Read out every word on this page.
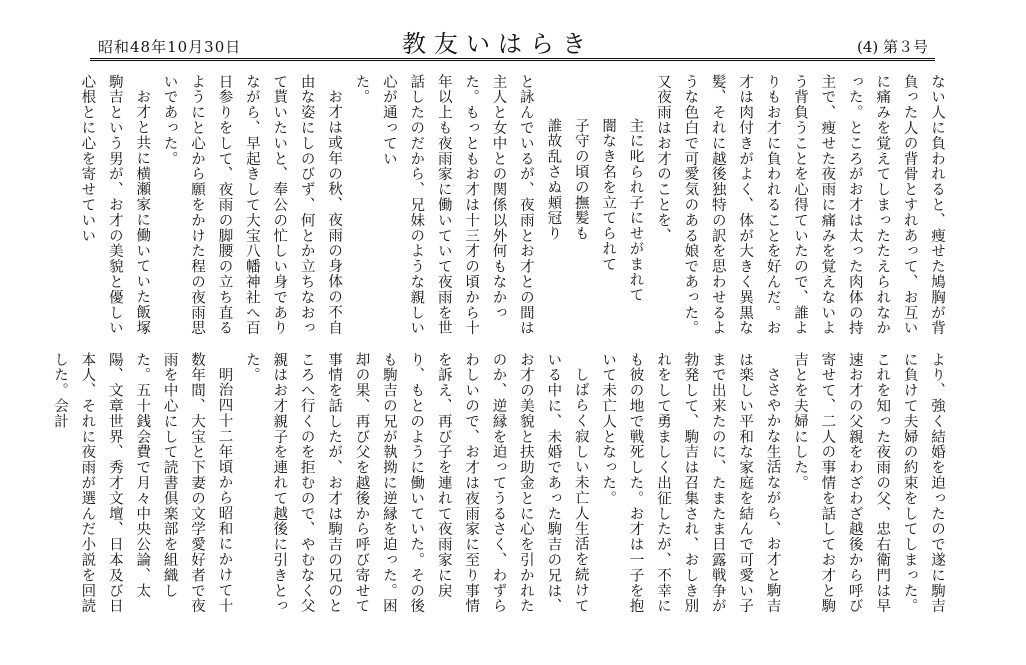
昭和48年10月30日	教友いはらき	(4) 第３号

ない人に負われると、痩せた鳩胸が背負った人の背骨とすれあって、お互いに痛みを覚えてしまったたえられなかった。ところがお才は太った肉体の持主で、痩せた夜雨に痛みを覚えないよう背負うことを心得ていたので、誰よりもお才に負われることを好んだ。お才は肉付きがよく、体が大きく異黒な髪、それに越後独特の訳を思わせるような色白で可愛気のある娘であった。又夜雨はお才のことを、

主に叱られ子にせがまれて
闇なき名を立てられて
子守の頃の撫髪も
誰故乱さぬ頬冠り

と詠んでいるが、夜雨とお才との間は主人と女中との関係以外何もなかった。もっともお才は十三才の頃から十年以上も夜雨家に働いていて夜雨を世話したのだから、兄妹のような親しい心が通ってい

た。

お才は或年の秋、夜雨の身体の不自由な姿にしのびず、何とか立ちなおって貰いたいと、奉公の忙しい身でありながら、早起きして大宝八幡神社へ百日参りをして、夜雨の脚腰の立ち直るようにと心から願をかけた程の夜雨思いであった。

お才と共に横瀬家に働いていた飯塚駒吉という男が、お才の美貌と優しい心根とに心を寄せていい

より、強く結婚を迫ったので遂に駒吉に負けて夫婦の約束をしてしまった。これを知った夜雨の父、忠右衛門は早速お才の父親をわざわざ越後から呼び寄せて、二人の事情を話してお才と駒吉とを夫婦にした。

ささやかな生活ながら、お才と駒吉は楽しい平和な家庭を結んで可愛い子まで出来たのに、たまたま日露戦争が勃発して、駒吉は召集され、おしき別れをして勇ましく出征したが、不幸にも彼の地で戦死した。お才は一子を抱いて未亡人となった。

しばらく寂しい未亡人生活を続けている中に、未婚であった駒吉の兄は、お才の美貌と扶助金とに心を引かれたのか、逆縁を迫ってうるさく、わずらわしいので、お才は夜雨家に至り事情を訴え、再び子を連れて夜雨家に戻り、もとのように働いていた。その後も駒吉の兄が執拗に逆縁を迫った。困却の果、再び父を越後から呼び寄せて事情を話したが、お才は駒吉の兄のところへ行くのを拒むので、やむなく父親はお才親子を連れて越後に引きとった。

明治四十二年頃から昭和にかけて十数年間、大宝と下妻の文学愛好者で夜雨を中心にして読書倶楽部を組織した。五十銭会費で月々中央公論、太陽、文章世界、秀才文壇、日本及び日本人、それに夜雨が選んだ小説を回読した。会計
